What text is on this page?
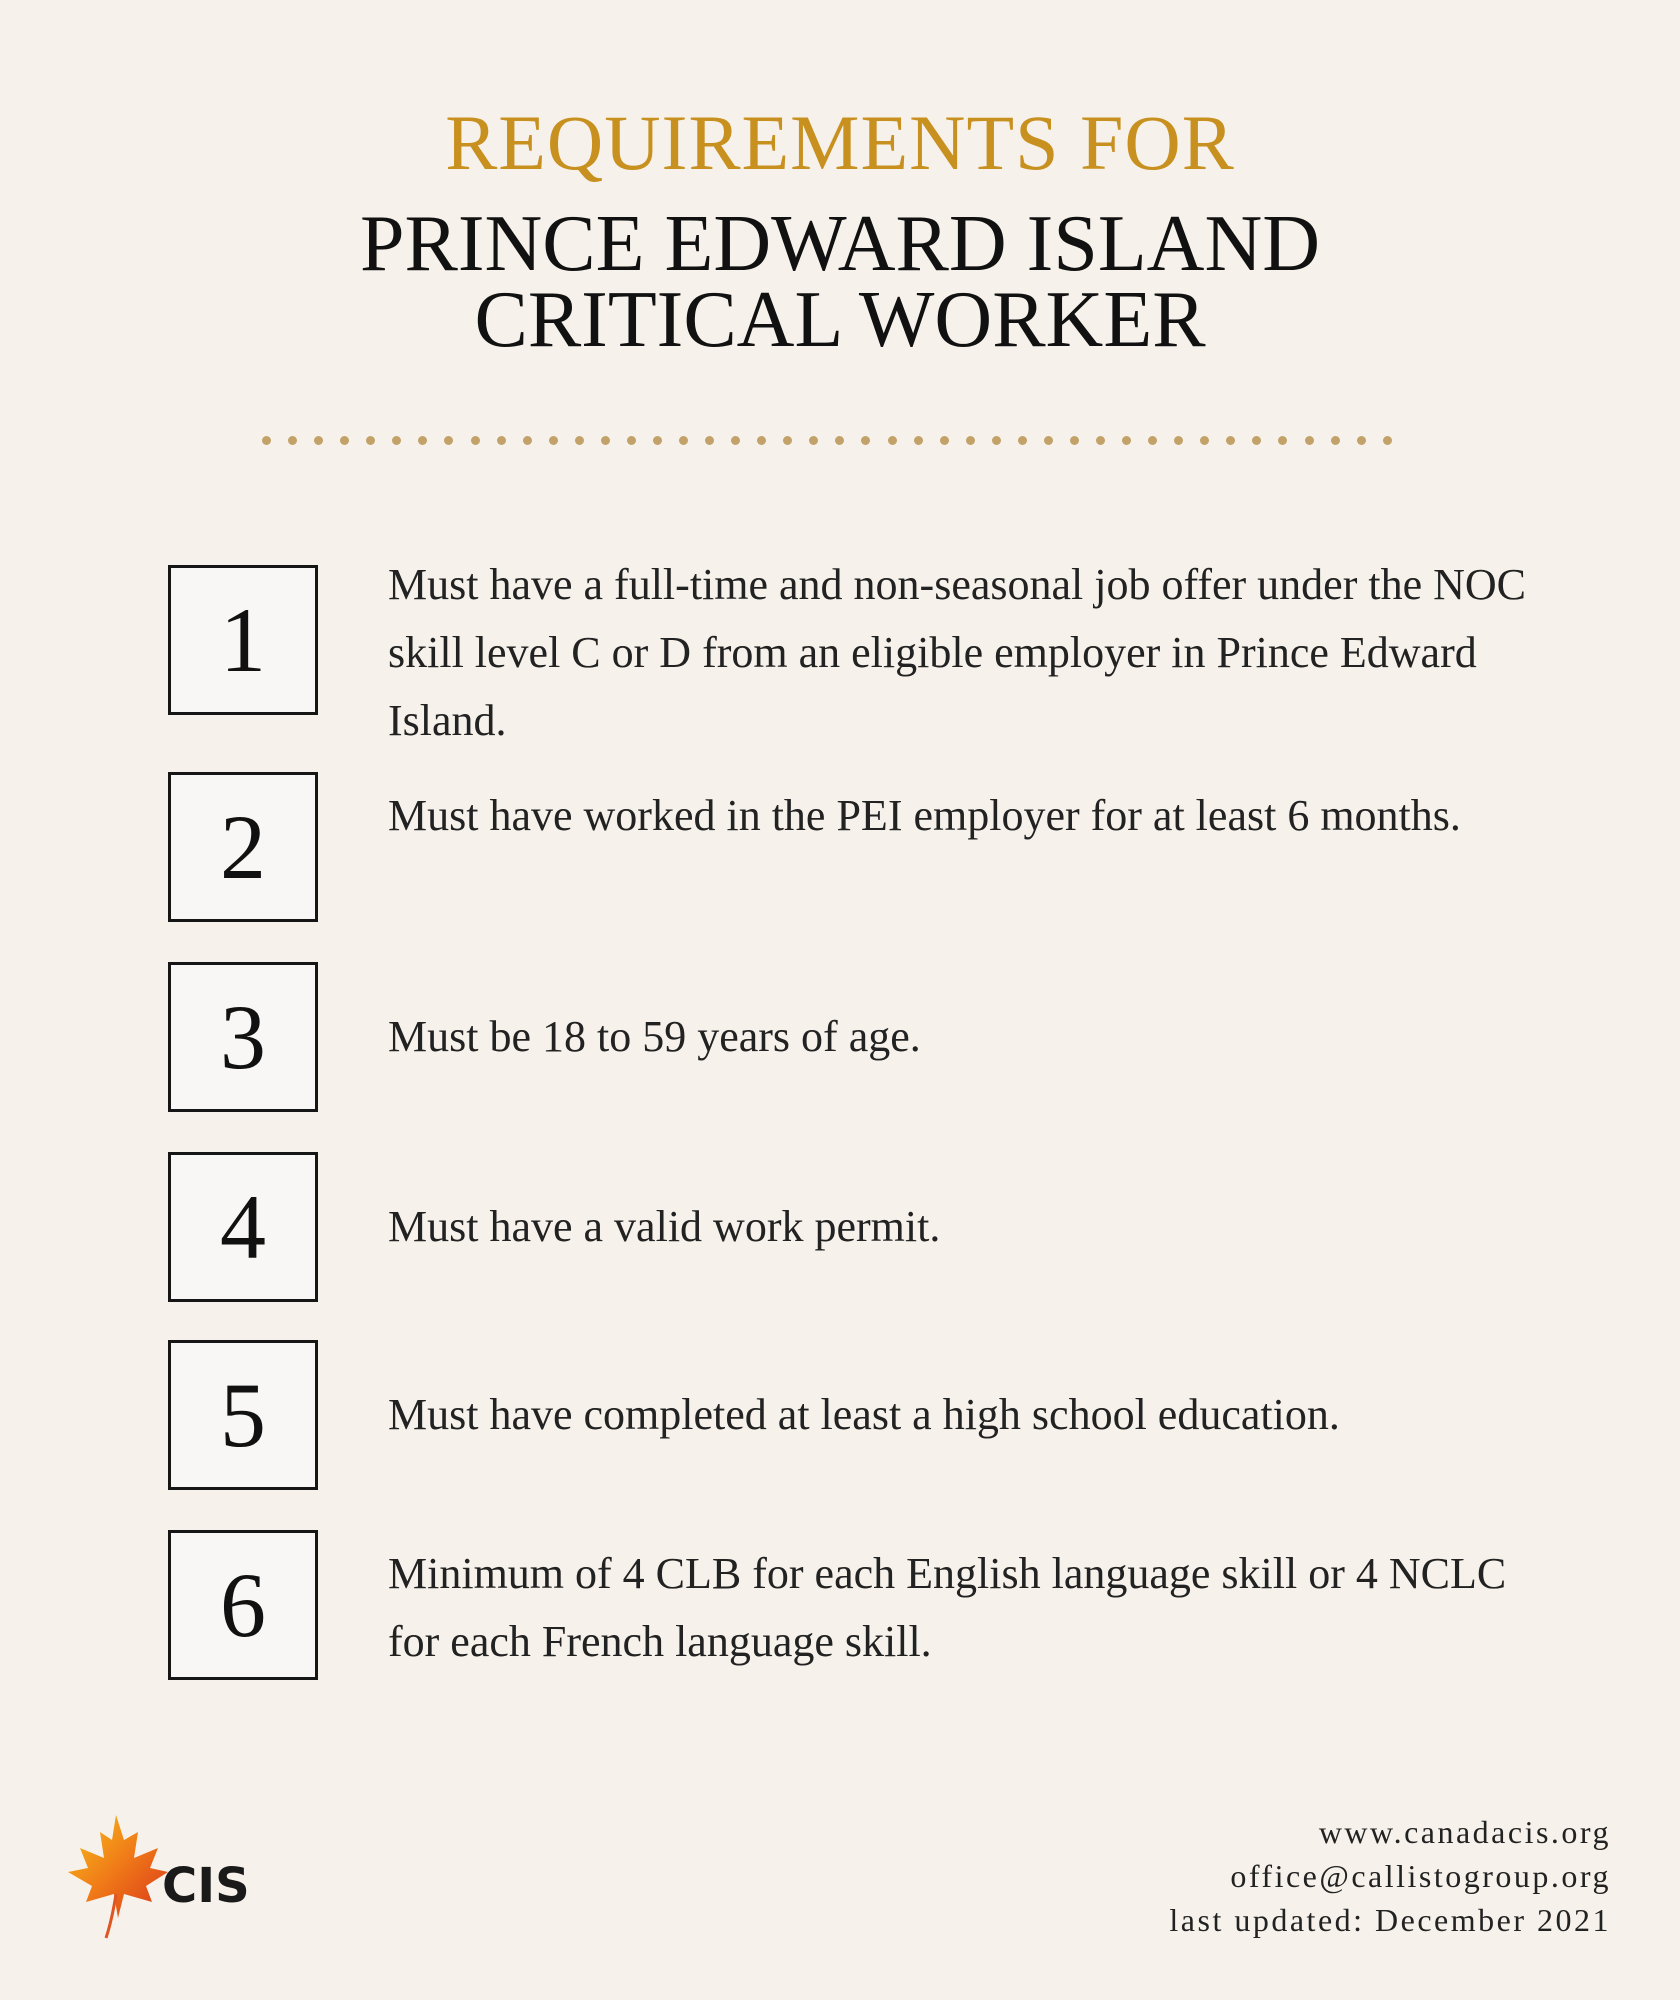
REQUIREMENTS FOR
PRINCE EDWARD ISLAND
CRITICAL WORKER
1
Must have a full-time and non-seasonal job offer under the NOC skill level C or D from an eligible employer in Prince Edward Island.
2	Must have worked in the PEI employer for at least 6 months.
3	Must be 18 to 59 years of age.
4	Must have a valid work permit.
5	Must have completed at least a high school education.
6	Minimum of 4 CLB for each English language skill or 4 NCLC for each French language skill.
CIS
www.canadacis.org
office@callistogroup.org
last updated: December 2021
